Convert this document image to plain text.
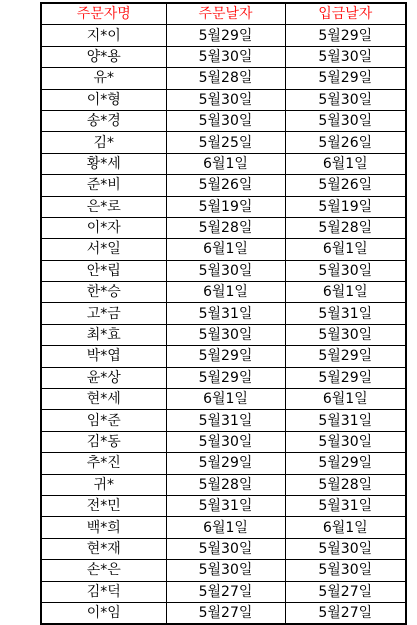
주문자명	주문날자	입금날자
지*이	5월29일	5월29일
양*용	5월30일	5월30일
유*	5월28일	5월29일
이*형	5월30일	5월30일
송*경	5월30일	5월30일
김*	5월25일	5월26일
황*세	6월1일	6월1일
준*비	5월26일	5월26일
은*로	5월19일	5월19일
이*자	5월28일	5월28일
서*일	6월1일	6월1일
안*립	5월30일	5월30일
한*승	6월1일	6월1일
고*금	5월31일	5월31일
최*효	5월30일	5월30일
박*엽	5월29일	5월29일
윤*상	5월29일	5월29일
현*세	6월1일	6월1일
임*준	5월31일	5월31일
김*동	5월30일	5월30일
추*진	5월29일	5월29일
귀*	5월28일	5월28일
전*민	5월31일	5월31일
백*희	6월1일	6월1일
현*재	5월30일	5월30일
손*은	5월30일	5월30일
김*덕	5월27일	5월27일
이*임	5월27일	5월27일
